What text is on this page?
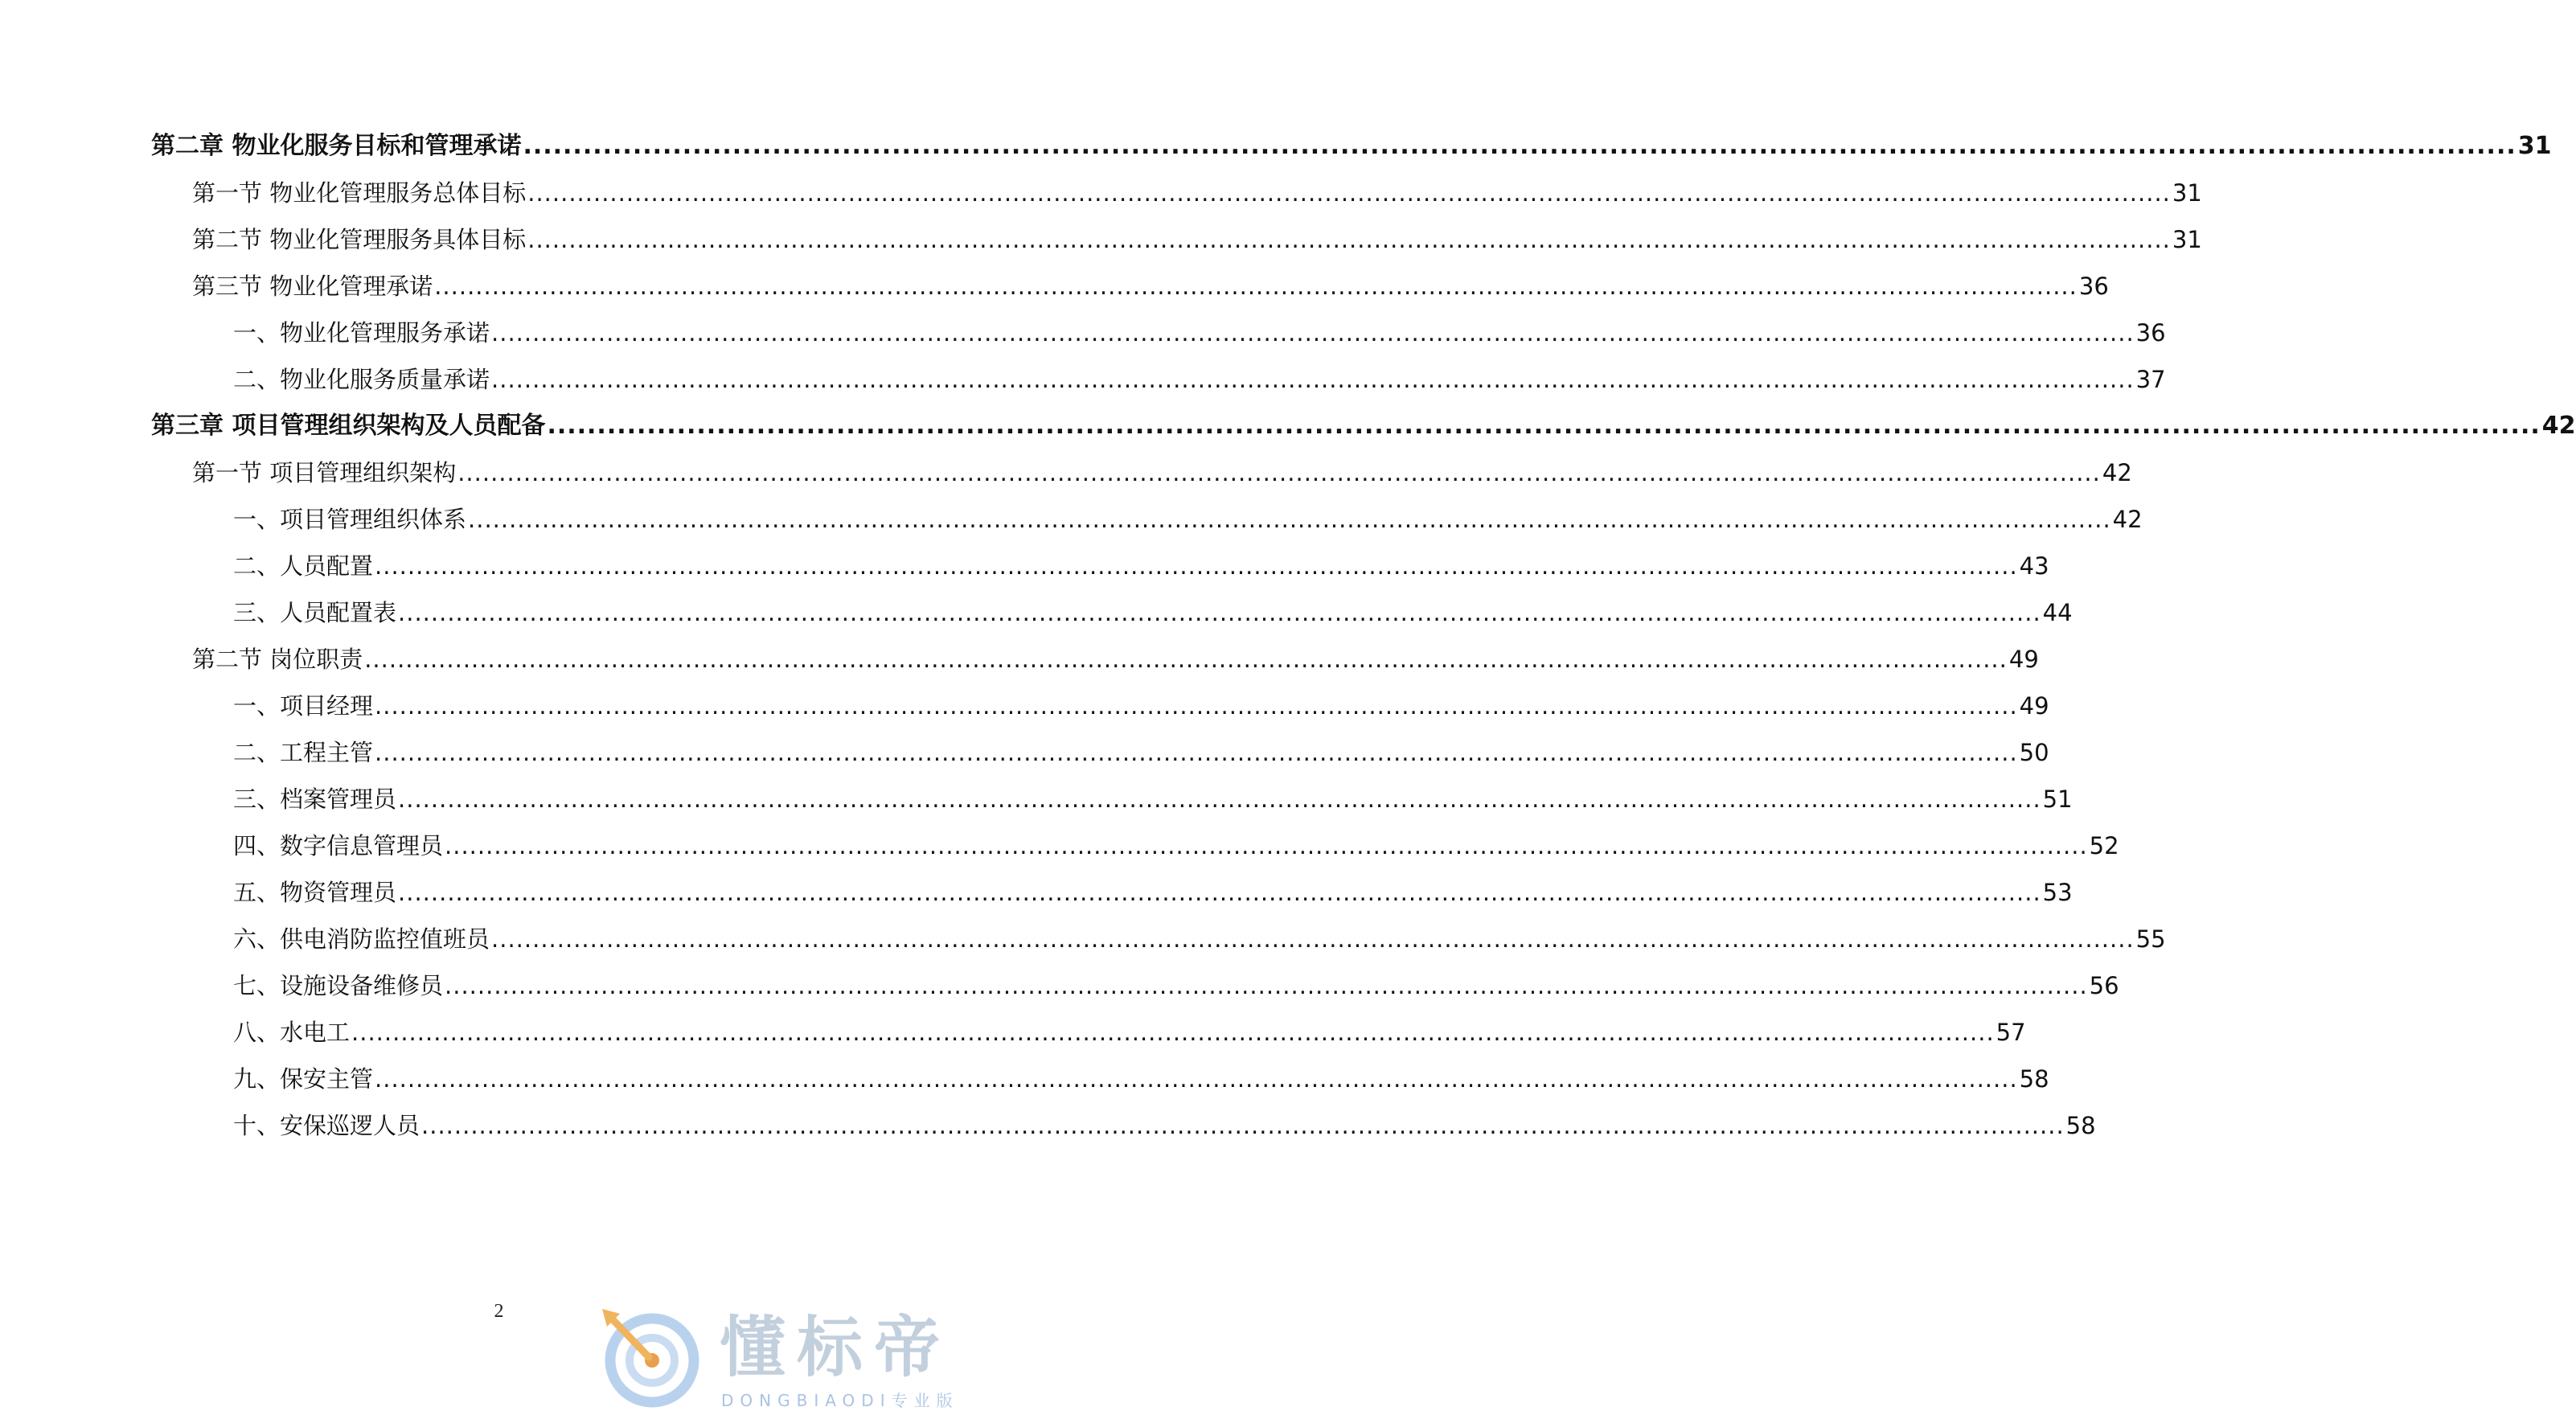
第二章 物业化服务目标和管理承诺 ........................................................................................................................................................................................................ 31
第一节 物业化管理服务总体目标 ........................................................................................................................................................................................................ 31
第二节 物业化管理服务具体目标 ........................................................................................................................................................................................................ 31
第三节 物业化管理承诺 ........................................................................................................................................................................................................ 36
一、物业化管理服务承诺 ........................................................................................................................................................................................................ 36
二、物业化服务质量承诺 ........................................................................................................................................................................................................ 37
第三章 项目管理组织架构及人员配备 ........................................................................................................................................................................................................ 42
第一节 项目管理组织架构 ........................................................................................................................................................................................................ 42
一、项目管理组织体系 ........................................................................................................................................................................................................ 42
二、人员配置 ........................................................................................................................................................................................................ 43
三、人员配置表 ........................................................................................................................................................................................................ 44
第二节 岗位职责 ........................................................................................................................................................................................................ 49
一、项目经理 ........................................................................................................................................................................................................ 49
二、工程主管 ........................................................................................................................................................................................................ 50
三、档案管理员 ........................................................................................................................................................................................................ 51
四、数字信息管理员 ........................................................................................................................................................................................................ 52
五、物资管理员 ........................................................................................................................................................................................................ 53
六、供电消防监控值班员 ........................................................................................................................................................................................................ 55
七、设施设备维修员 ........................................................................................................................................................................................................ 56
八、水电工 ........................................................................................................................................................................................................ 57
九、保安主管 ........................................................................................................................................................................................................ 58
十、安保巡逻人员 ........................................................................................................................................................................................................ 58
2	懂标帝
DONGBIAODI专业版
